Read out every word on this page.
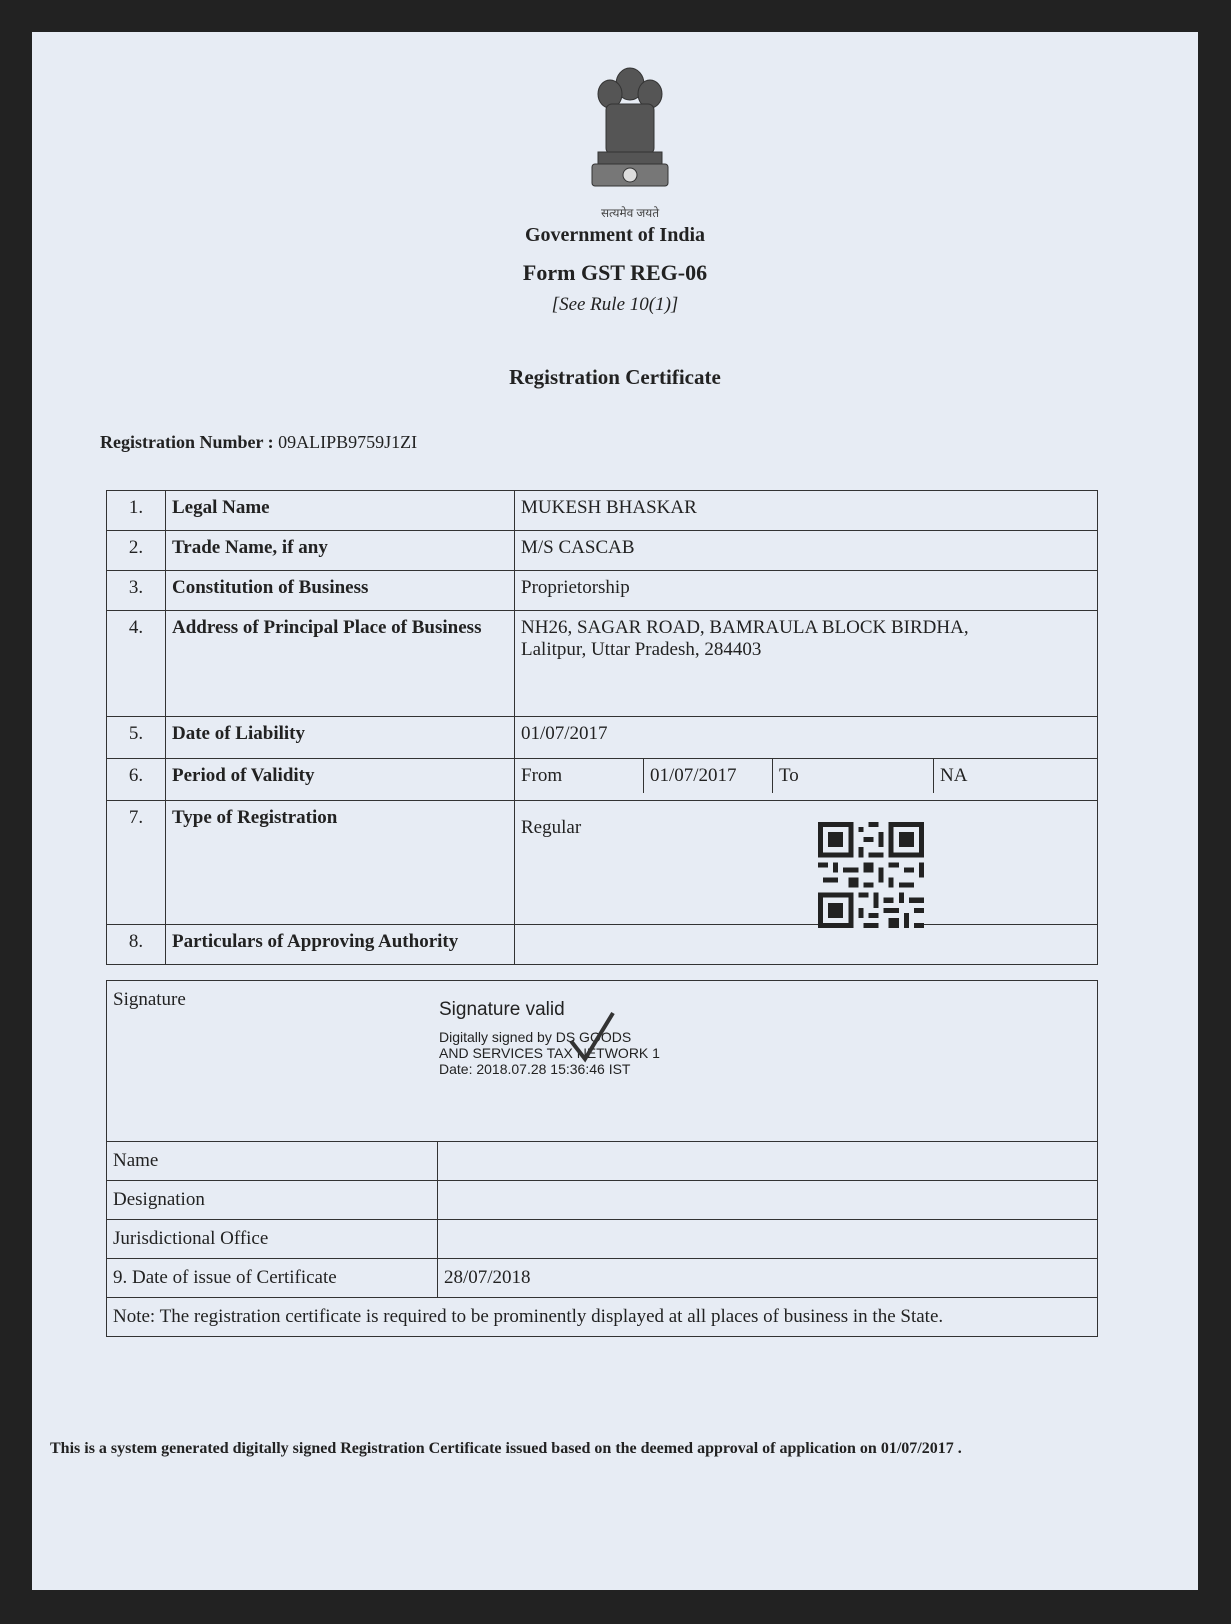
सत्यमेव जयते
Government of India
Form GST REG-06
[See Rule 10(1)]
Registration Certificate
Registration Number : 09ALIPB9759J1ZI
1.	Legal Name	MUKESH BHASKAR
2.	Trade Name, if any	M/S CASCAB
3.	Constitution of Business	Proprietorship
4.	Address of Principal Place of Business	NH26, SAGAR ROAD, BAMRAULA BLOCK BIRDHA,
Lalitpur, Uttar Pradesh, 284403

5.	Date of Liability	01/07/2017
6.	Period of Validity		From	01/07/2017	To	NA

7.	Type of Registration	Regular
8.	Particulars of Approving Authority	
Signature Signature valid
Digitally signed by DS GOODS
AND SERVICES TAX NETWORK 1
Date: 2018.07.28 15:36:46 IST	

Name	
Designation	
Jurisdictional Office	
9. Date of issue of Certificate	28/07/2018
Note: The registration certificate is required to be prominently displayed at all places of business in the State.	
This is a system generated digitally signed Registration Certificate issued based on the deemed approval of application on 01/07/2017 .
